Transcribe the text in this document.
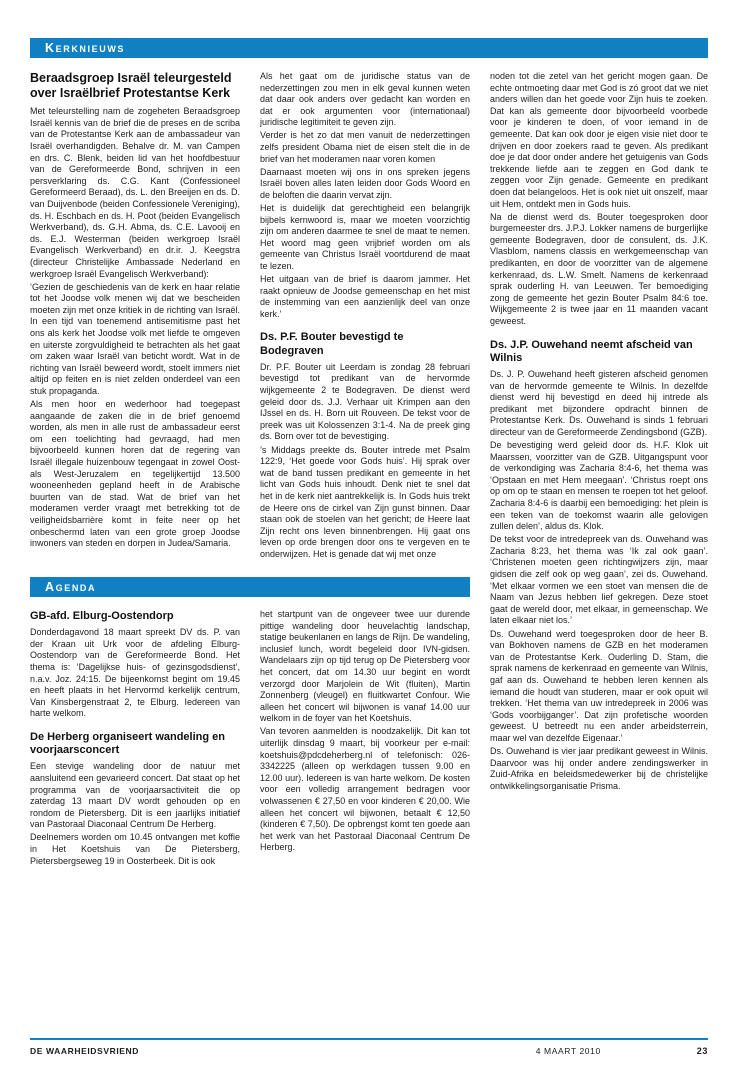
Kerknieuws
Beraadsgroep Israël teleurgesteld over Israëlbrief Protestantse Kerk

Met teleurstelling nam de zogeheten Beraadsgroep Israël kennis van de brief die de preses en de scriba van de Protestantse Kerk aan de ambassadeur van Israël overhandigden. Behalve dr. M. van Campen en drs. C. Blenk, beiden lid van het hoofdbestuur van de Gereformeerde Bond, schrijven in een persverklaring ds. C.G. Kant (Confessioneel Gereformeerd Beraad), ds. L. den Breeijen en ds. D. van Duijvenbode (beiden Confessionele Vereniging), ds. H. Eschbach en ds. H. Poot (beiden Evangelisch Werkverband), ds. G.H. Abma, ds. C.E. Lavooij en ds. E.J. Westerman (beiden werkgroep Israël Evangelisch Werkverband) en dr.ir. J. Keegstra (directeur Christelijke Ambassade Nederland en werkgroep Israël Evangelisch Werkverband):

‘Gezien de geschiedenis van de kerk en haar relatie tot het Joodse volk menen wij dat we bescheiden moeten zijn met onze kritiek in de richting van Israël. In een tijd van toenemend antisemitisme past het ons als kerk het Joodse volk met liefde te omgeven en uiterste zorgvuldigheid te betrachten als het gaat om zaken waar Israël van beticht wordt. Wat in de richting van Israël beweerd wordt, stoelt immers niet altijd op feiten en is niet zelden onderdeel van een stuk propaganda.

Als men hoor en wederhoor had toegepast aangaande de zaken die in de brief genoemd worden, als men in alle rust de ambassadeur eerst om een toelichting had gevraagd, had men bijvoorbeeld kunnen horen dat de regering van Israël illegale huizenbouw tegengaat in zowel Oost- als West-Jeruzalem en tegelijkertijd 13.500 wooneenheden gepland heeft in de Arabische buurten van de stad. Wat de brief van het moderamen verder vraagt met betrekking tot de veiligheidsbarrière komt in feite neer op het onbeschermd laten van een grote groep Joodse inwoners van steden en dorpen in Judea/Samaria.

Als het gaat om de juridische status van de nederzettingen zou men in elk geval kunnen weten dat daar ook anders over gedacht kan worden en dat er ook argumenten voor (internationaal) juridische legitimiteit te geven zijn.

Verder is het zo dat men vanuit de nederzettingen zelfs president Obama niet de eisen stelt die in de brief van het moderamen naar voren komen

Daarnaast moeten wij ons in ons spreken jegens Israël boven alles laten leiden door Gods Woord en de beloften die daarin vervat zijn.

Het is duidelijk dat gerechtigheid een belangrijk bijbels kernwoord is, maar we moeten voorzichtig zijn om anderen daarmee te snel de maat te nemen. Het woord mag geen vrijbrief worden om als gemeente van Christus Israël voortdurend de maat te lezen.

Het uitgaan van de brief is daarom jammer. Het raakt opnieuw de Joodse gemeenschap en het mist de instemming van een aanzienlijk deel van onze kerk.’

Ds. P.F. Bouter bevestigd te Bodegraven

Dr. P.F. Bouter uit Leerdam is zondag 28 februari bevestigd tot predikant van de hervormde wijkgemeente 2 te Bodegraven. De dienst werd geleid door ds. J.J. Verhaar uit Krimpen aan den IJssel en ds. H. Born uit Rouveen. De tekst voor de preek was uit Kolossenzen 3:1-4. Na de preek ging ds. Born over tot de bevestiging.

’s Middags preekte ds. Bouter intrede met Psalm 122:9, ‘Het goede voor Gods huis’. Hij sprak over wat de band tussen predikant en gemeente in het licht van Gods huis inhoudt. Denk niet te snel dat het in de kerk niet aantrekkelijk is. In Gods huis trekt de Heere ons de cirkel van Zijn gunst binnen. Daar staan ook de stoelen van het gericht; de Heere laat Zijn recht ons leven binnenbrengen. Hij gaat ons leven op orde brengen door ons te vergeven en te onderwijzen. Het is genade dat wij met onze

Agenda
GB-afd. Elburg-Oostendorp

Donderdagavond 18 maart spreekt DV ds. P. van der Kraan uit Urk voor de afdeling Elburg-Oostendorp van de Gereformeerde Bond. Het thema is: ‘Dagelijkse huis- of gezinsgodsdienst’, n.a.v. Joz. 24:15. De bijeenkomst begint om 19.45 en heeft plaats in het Hervormd kerkelijk centrum, Van Kinsbergenstraat 2, te Elburg. Iedereen van harte welkom.

De Herberg organiseert wandeling en voorjaarsconcert

Een stevige wandeling door de natuur met aansluitend een gevarieerd concert. Dat staat op het programma van de voorjaarsactiviteit die op zaterdag 13 maart DV wordt gehouden op en rondom de Pietersberg. Dit is een jaarlijks initiatief van Pastoraal Diaconaal Centrum De Herberg.

Deelnemers worden om 10.45 ontvangen met koffie in Het Koetshuis van De Pietersberg, Pietersbergseweg 19 in Oosterbeek. Dit is ook

het startpunt van de ongeveer twee uur durende pittige wandeling door heuvelachtig landschap, statige beukenlanen en langs de Rijn. De wandeling, inclusief lunch, wordt begeleid door IVN-gidsen. Wandelaars zijn op tijd terug op De Pietersberg voor het concert, dat om 14.30 uur begint en wordt verzorgd door Marjolein de Wit (fluiten), Martin Zonnenberg (vleugel) en fluitkwartet Confour. Wie alleen het concert wil bijwonen is vanaf 14.00 uur welkom in de foyer van het Koetshuis.

Van tevoren aanmelden is noodzakelijk. Dit kan tot uiterlijk dinsdag 9 maart, bij voorkeur per e-mail: koetshuis@pdcdeherberg.nl of telefonisch: 026-3342225 (alleen op werkdagen tussen 9.00 en 12.00 uur). Iedereen is van harte welkom. De kosten voor een volledig arrangement bedragen voor volwassenen € 27,50 en voor kinderen € 20,00. Wie alleen het concert wil bijwonen, betaalt € 12,50 (kinderen € 7,50). De opbrengst komt ten goede aan het werk van het Pastoraal Diaconaal Centrum De Herberg.

noden tot die zetel van het gericht mogen gaan. De echte ontmoeting daar met God is zó groot dat we niet anders willen dan het goede voor Zijn huis te zoeken. Dat kan als gemeente door bijvoorbeeld voorbede voor je kinderen te doen, of voor iemand in de gemeente. Dat kan ook door je eigen visie niet door te drijven en door zoekers raad te geven. Als predikant doe je dat door onder andere het getuigenis van Gods trekkende liefde aan te zeggen en God dank te zeggen voor Zijn genade. Gemeente en predikant doen dat belangeloos. Het is ook niet uit onszelf, maar uit Hem, ontdekt men in Gods huis.

Na de dienst werd ds. Bouter toegesproken door burgemeester drs. J.P.J. Lokker namens de burgerlijke gemeente Bodegraven, door de consulent, ds. J.K. Vlasblom, namens classis en werkgemeenschap van predikanten, en door de voorzitter van de algemene kerkenraad, ds. L.W. Smelt. Namens de kerkenraad sprak ouderling H. van Leeuwen. Ter bemoediging zong de gemeente het gezin Bouter Psalm 84:6 toe. Wijkgemeente 2 is twee jaar en 11 maanden vacant geweest.

Ds. J.P. Ouwehand neemt afscheid van Wilnis

Ds. J. P. Ouwehand heeft gisteren afscheid genomen van de hervormde gemeente te Wilnis. In dezelfde dienst werd hij bevestigd en deed hij intrede als predikant met bijzondere opdracht binnen de Protestantse Kerk. Ds. Ouwehand is sinds 1 februari directeur van de Gereformeerde Zendingsbond (GZB).

De bevestiging werd geleid door ds. H.F. Klok uit Maarssen, voorzitter van de GZB. Uitgangspunt voor de verkondiging was Zacharia 8:4-6, het thema was ‘Opstaan en met Hem meegaan’. ‘Christus roept ons op om op te staan en mensen te roepen tot het geloof. Zacharia 8:4-6 is daarbij een bemoediging: het plein is een teken van de toekomst waarin alle gelovigen zullen delen’, aldus ds. Klok.

De tekst voor de intredepreek van ds. Ouwehand was Zacharia 8:23, het thema was ‘Ik zal ook gaan’. ‘Christenen moeten geen richtingwijzers zijn, maar gidsen die zelf ook op weg gaan’, zei ds. Ouwehand. ‘Met elkaar vormen we een stoet van mensen die de Naam van Jezus hebben lief gekregen. Deze stoet gaat de wereld door, met elkaar, in gemeenschap. We laten elkaar niet los.’

Ds. Ouwehand werd toegesproken door de heer B. van Bokhoven namens de GZB en het moderamen van de Protestantse Kerk. Ouderling D. Stam, die sprak namens de kerkenraad en gemeente van Wilnis, gaf aan ds. Ouwehand te hebben leren kennen als iemand die houdt van studeren, maar er ook opuit wil trekken. ‘Het thema van uw intredepreek in 2006 was ‘Gods voorbijganger’. Dat zijn profetische woorden geweest. U betreedt nu een ander arbeidsterrein, maar wel van dezelfde Eigenaar.’

Ds. Ouwehand is vier jaar predikant geweest in Wilnis. Daarvoor was hij onder andere zendingswerker in Zuid-Afrika en beleidsmedewerker bij de christelijke ontwikkelingsorganisatie Prisma.

DE WAARHEIDSVRIEND	4 MAART 2010	23
